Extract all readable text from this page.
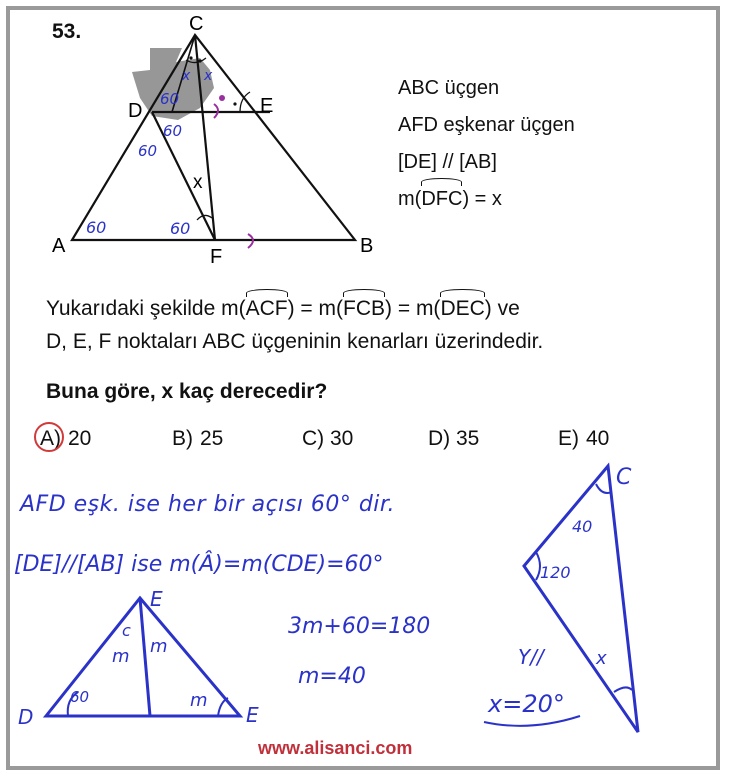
53.	C
D	E
A	B
F
x
60	60
60
60
60
x x
ABC üçgen
AFD eşkenar üçgen
[DE] // [AB]
m(DFC) = x
Yukarıdaki şekilde m(ACF) = m(FCB) = m(DEC) ve
D, E, F noktaları ABC üçgeninin kenarları üzerindedir.
Buna göre, x kaç derecedir?
A) 20	B) 25	C) 30	D) 35	E) 40
AFD eşk. ise her bir açısı 60° dir.
[DE]//[AB] ise m(Â)=m(CDE)=60°
3m+60=180
m=40
E
D	E
c
m m
m
60
C
40
120
x
Y//
x=20°
www.alisanci.com
